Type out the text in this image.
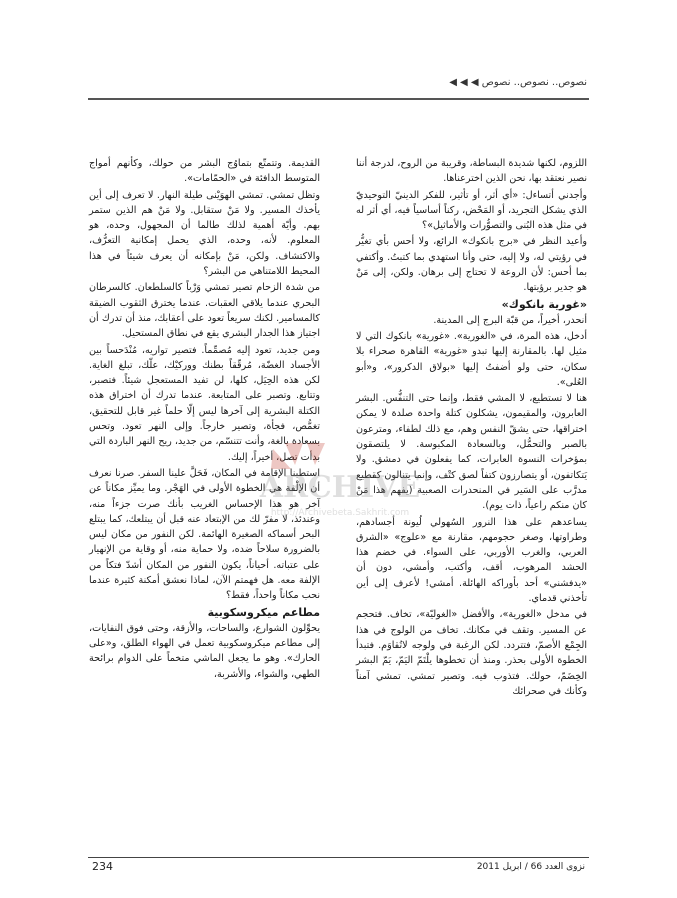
نصوص.. نصوص.. نصوص ◀ ◀ ◀

اللزوم، لكنها شديدة البساطة، وقريبة من الروح، لدرجة أننا نصير نعتقد بها، نحن الذين اخترعناها.

وأجدني أتساءل: «أي أثر، أو تأثير، للفكر الدينيّ التوحيديّ الذي يشكل التجريد، أو المَحْض، ركناً أساسياً فيه، أي أثر له في مثل هذه البُنى والتصوُّرات والأماثيل»؟

وأعيد النظر في «برج بانكوك» الرائع، ولا أحس بأي تغيُّر في رؤيتي له، ولا إليه، حتى وأنا استهدي بما كتبتُ. وأكتفي بما أحس: لأن الروعة لا تحتاج إلى برهان. ولكن، إلى مَنْ هو جدير برؤيتها.

«غورية بانكوك»

أنحدر، أخيراً، من قبّة البرج إلى المدينة.

أدخل، هذه المرة، في «الغورية». «غورية» بانكوك التي لا مثيل لها. بالمقارنة إليها تبدو «غورية» القاهرة صحراء بلا سكان، حتى ولو أضفتُ إليها «بولاق الدكرور»، و«أبو العُلى».

هنا لا تستطيع، لا المشي فقط، وإنما حتى التنفُّس. البشر العابرون، والمقيمون، يشكلون كتلة واحدة صلدة لا يمكن اختراقها، حتى يشقّ النفس وهم، مع ذلك لطفاء، ومترعون بالصبر والتحمُّل، وبالسعادة المكبوسة. لا يلتصقون بمؤخرات النسوة العابرات، كما يفعلون في دمشق. ولا يَتكاتفون، أو يتصارزون كتفاً لصق كتْف، وإنما يتنالون كقطيع مدرَّب على السَير في المنحدرات الصعبية (يفهم هذا مَنْ كان منكم راعياً، ذات يوم).

يساعدهم على هذا النرور السُهولي لُيونة أجسادهم، وطراوتها، وصغر حجومهم، مقارنة مع «علوج» «الشرق العربي، والغرب الأوربي، على السواء. في خضم هذا الحشد المرهوب، أقف، وأكتب، وأمشي، دون أن «يدفشني» أحد بأوراكه الهائلة. أمشي! لأعرف إلى أين تأخذني قدماي.

في مدخل «الغورية»، والأفضل «الغوليّة»، تخاف. فتحجم عن المسير. وتقف في مكانك. تخاف من الولوج في هذا الجِمْع الأصمّ، فتتردد. لكن الرغبة في ولوجه لاتُقاوَم. فتبدأ الخطوة الأولى بحذر. ومنذ أن تخطوها يلْتَمّ اليَمّ، يَمّ البشر الخِضَمّ، حولك. فتذوب فيه. وتصير تمشي. تمشي آمناً وكأنك في صحرائك

القديمة. وتتمتّع بتماوُج البشر من حولك، وكأنهم أمواج المتوسط الدافئة في «الحمّامات».

وتظل تمشي. تمشي الهوَيْنى طيلة النهار. لا تعرف إلى أين يأخذك المسير. ولا مَنْ ستقابل. ولا مَنْ هم الذين ستمر بهم. وأيّة أهمية لذلك طالما أن المجهول، وحده، هو المعلوم. لأنه، وحده، الذي يحمل إمكانية التعرُّف، والاكتشاف. ولكن، مَنْ بإمكانه أن يعرف شيئاً في هذا المحيط اللامتناهي من البشر؟

من شدة الزحام تصير تمشي وَرْباً كالسلطعان. كالسرطان البحري عندما يلاقي العقبات. عندما يخترق الثقوب الضيقة كالمسامير. لكنك سريعاً تعود على أعقابك، منذ أن تدرك أن اجتياز هذا الجدار البشري يقع في نطاق المستحيل.

ومن جديد، تعود إليه مُصمِّماً. فتصير تواريه، مُنْدَحساً بين الأجساد الغضّة، مُرقّقاً بطنك ووركيْك، علّك، تبلغ الغاية. لكن هذه الحِيَل، كلها، لن تفيد المستعجل شيئاً. فتصبر، وتتابع. وتصبر على المتابعة. عندما تدرك أن اختراق هذه الكتلة البشرية إلى آخرها ليس إلّا حلماً غير قابل للتحقيق، تغمُّص، فجأة، وتصير خارجاً. وإلى النهر تعود. وتحس بسعادة بالغة، وأنت تتنسّم، من جديد، ريح النهر الباردة التي بدأت تصل، أخيراً، إليك.

استطبنا الإقامة في المكان، فَحَلَّ علينا السفر. صرنا نعرف أن الإلْفة هي الخطوة الأولى في الهَجْر. وما يميِّز مكاناً عن آخر هو هذا الإحساس الغريب بأنك صرت جزءاً منه، وعندئذ، لا مفرّ لك من الإبتعاد عنه قبل أن يبتلعك، كما يبتلع البحر أسماكه الصغيرة الهائمة. لكن النفور من مكان ليس بالضرورة سلاحاً ضده، ولا حماية منه، أو وقاية من الإنهيار على عتباته. أحياناً، يكون النفور من المكان أشدّ فتكاً من الإلفة معه. هل فهمتم الآن، لماذا نعشق أمكنة كثيرة عندما نحب مكاناً واحداً، فقط؟

مطاعم ميكروسكوبية

يحوِّلون الشوارع، والساحات، والأزقة، وحتى فوق النفايات، إلى مطاعم ميكروسكوبية تعمل في الهواء الطلق، و«على الحارك». وهو ما يجعل الماشي متخماً على الدوام برائحة الطهي، والشواء، والأشربة،

ARCHIVE
http://Archivebeta.Sakhrit.com
234	نزوى العدد 66 / ابريل 2011
